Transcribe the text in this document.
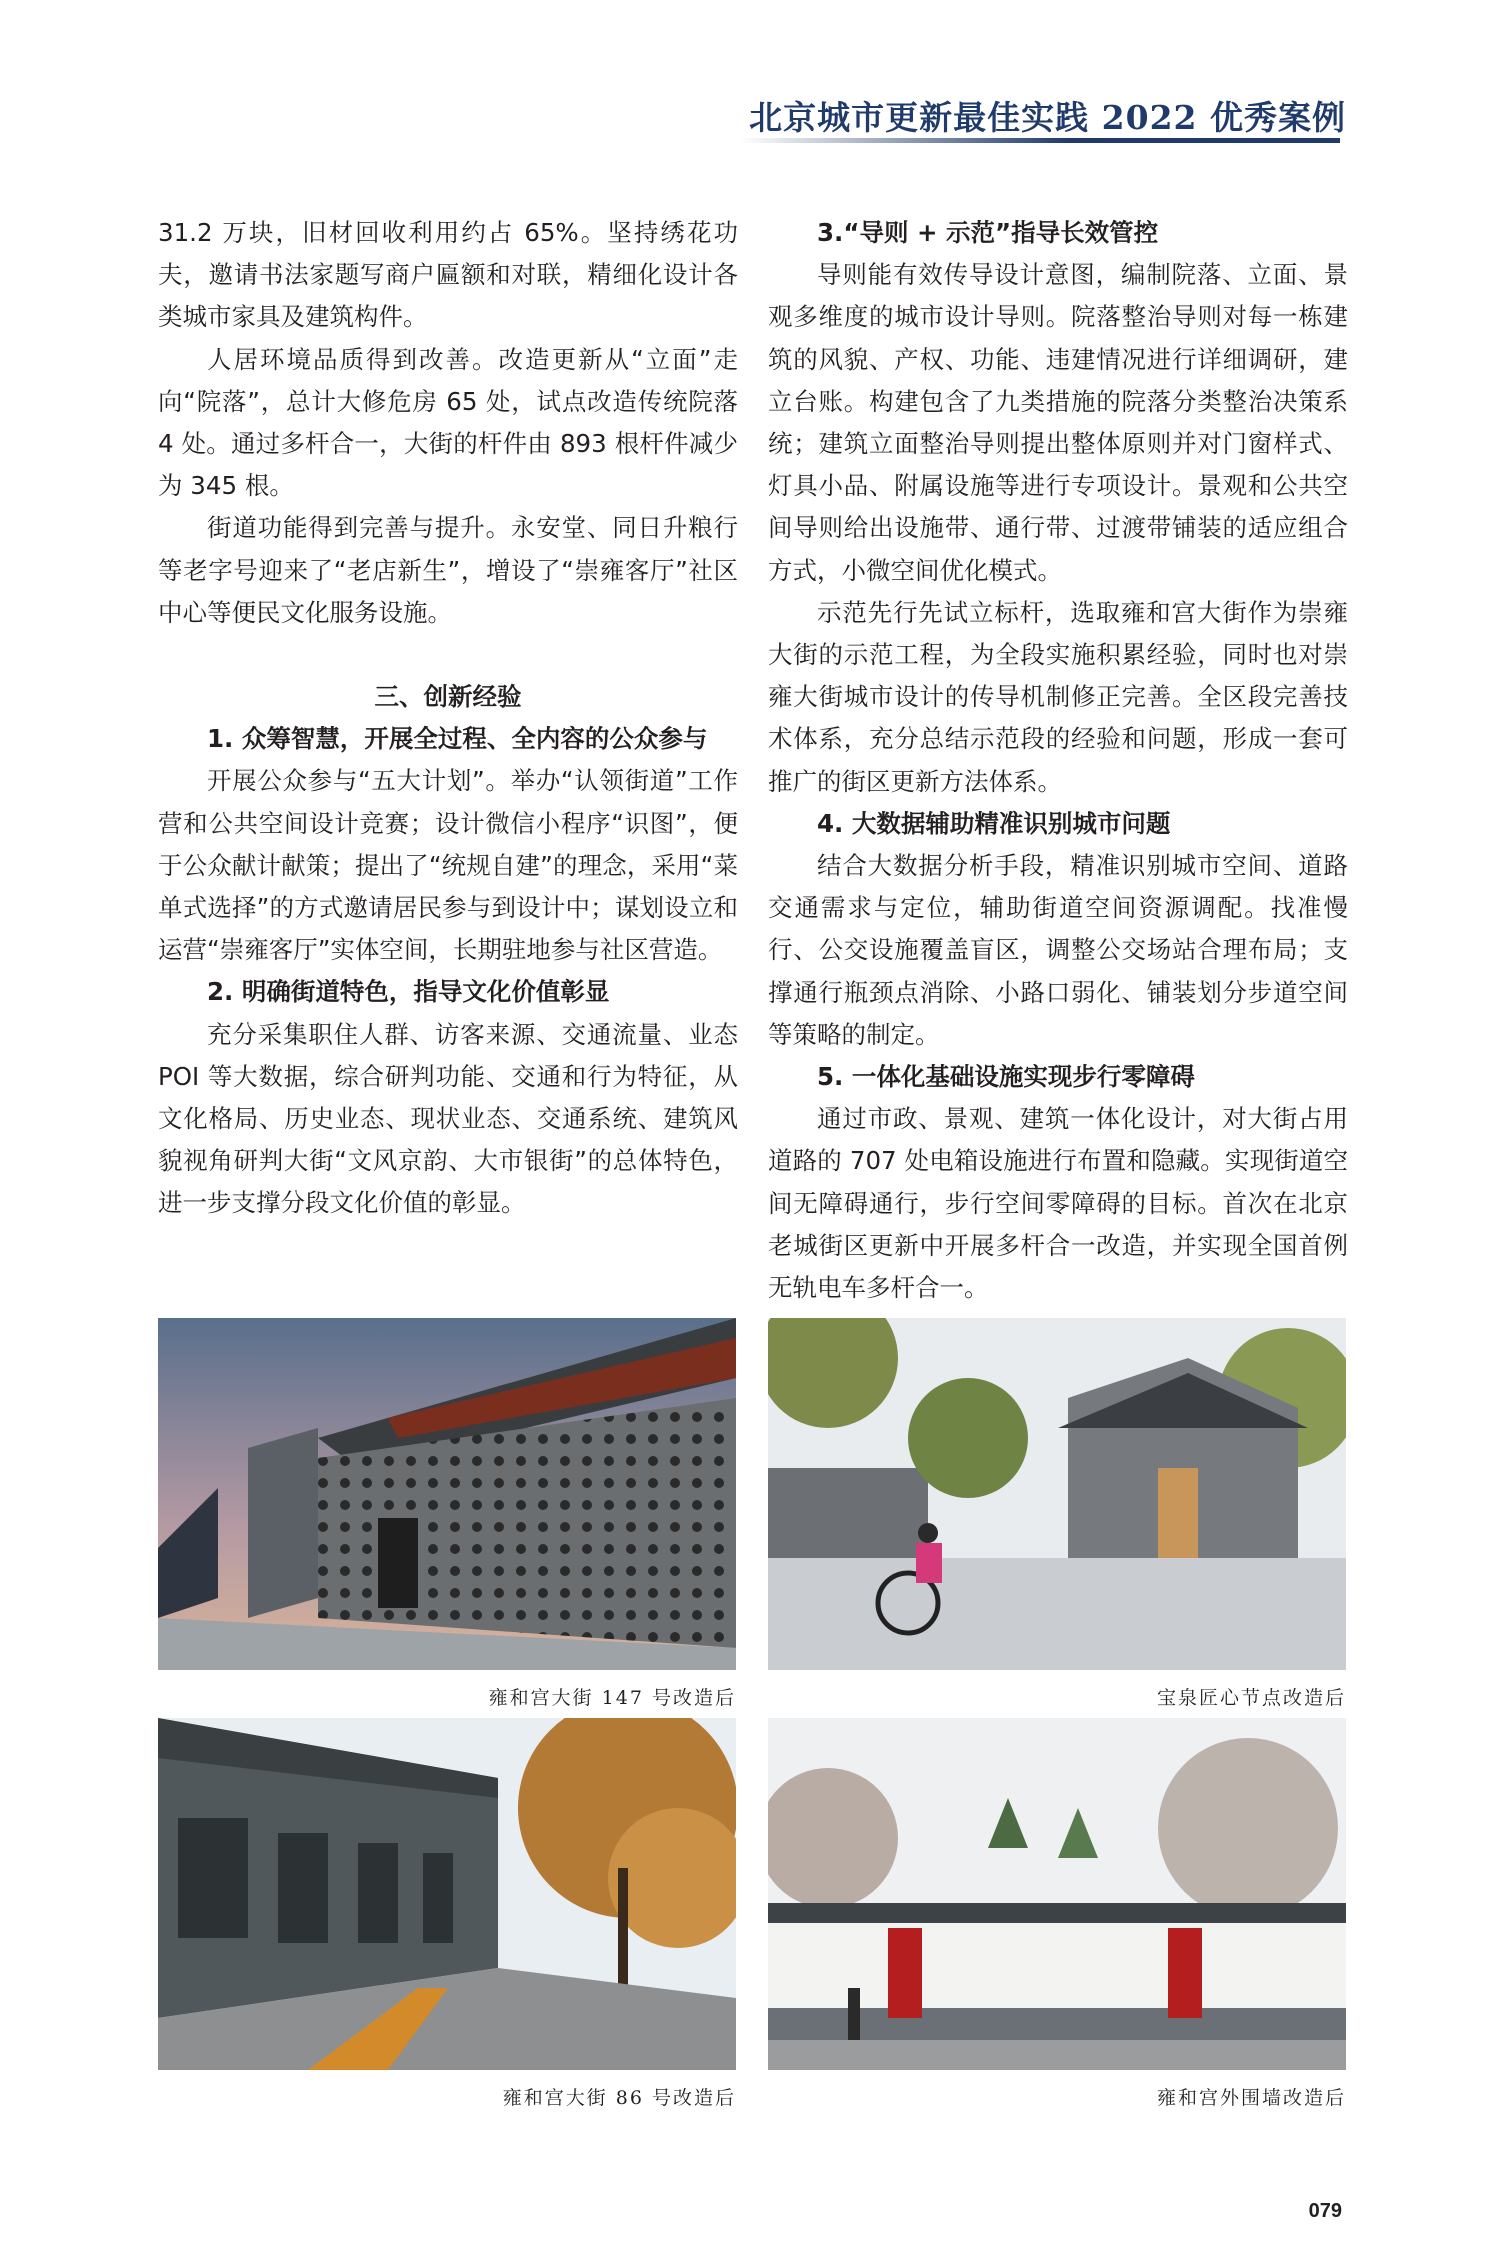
北京城市更新最佳实践 2022 优秀案例

31.2 万块，旧材回收利用约占 65%。坚持绣花功夫，邀请书法家题写商户匾额和对联，精细化设计各类城市家具及建筑构件。

人居环境品质得到改善。改造更新从“立面”走向“院落”，总计大修危房 65 处，试点改造传统院落 4 处。通过多杆合一，大街的杆件由 893 根杆件减少为 345 根。

街道功能得到完善与提升。永安堂、同日升粮行等老字号迎来了“老店新生”，增设了“崇雍客厅”社区中心等便民文化服务设施。

三、创新经验

1. 众筹智慧，开展全过程、全内容的公众参与

开展公众参与“五大计划”。举办“认领街道”工作营和公共空间设计竞赛；设计微信小程序“识图”，便于公众献计献策；提出了“统规自建”的理念，采用“菜单式选择”的方式邀请居民参与到设计中；谋划设立和运营“崇雍客厅”实体空间，长期驻地参与社区营造。

2. 明确街道特色，指导文化价值彰显

充分采集职住人群、访客来源、交通流量、业态 POI 等大数据，综合研判功能、交通和行为特征，从文化格局、历史业态、现状业态、交通系统、建筑风貌视角研判大街“文风京韵、大市银街”的总体特色，进一步支撑分段文化价值的彰显。

3.“导则 + 示范”指导长效管控

导则能有效传导设计意图，编制院落、立面、景观多维度的城市设计导则。院落整治导则对每一栋建筑的风貌、产权、功能、违建情况进行详细调研，建立台账。构建包含了九类措施的院落分类整治决策系统；建筑立面整治导则提出整体原则并对门窗样式、灯具小品、附属设施等进行专项设计。景观和公共空间导则给出设施带、通行带、过渡带铺装的适应组合方式，小微空间优化模式。

示范先行先试立标杆，选取雍和宫大街作为崇雍大街的示范工程，为全段实施积累经验，同时也对崇雍大街城市设计的传导机制修正完善。全区段完善技术体系，充分总结示范段的经验和问题，形成一套可推广的街区更新方法体系。

4. 大数据辅助精准识别城市问题

结合大数据分析手段，精准识别城市空间、道路交通需求与定位，辅助街道空间资源调配。找准慢行、公交设施覆盖盲区，调整公交场站合理布局；支撑通行瓶颈点消除、小路口弱化、铺装划分步道空间等策略的制定。

5. 一体化基础设施实现步行零障碍

通过市政、景观、建筑一体化设计，对大街占用道路的 707 处电箱设施进行布置和隐藏。实现街道空间无障碍通行，步行空间零障碍的目标。首次在北京老城街区更新中开展多杆合一改造，并实现全国首例无轨电车多杆合一。

雍和宫大街 147 号改造后	宝泉匠心节点改造后
雍和宫大街 86 号改造后	雍和宫外围墙改造后
079
